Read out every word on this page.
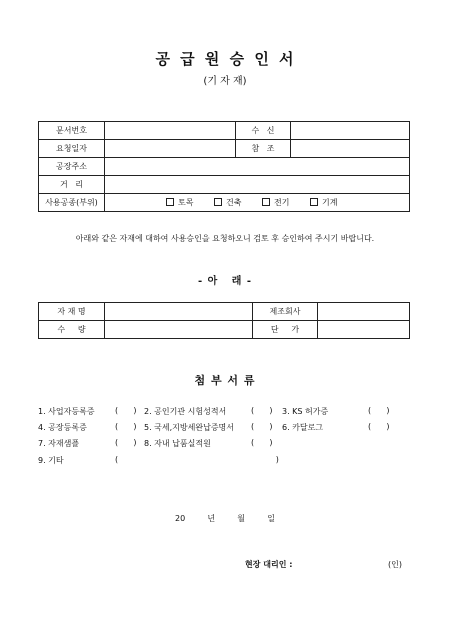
공 급 원 승 인 서
(기 자 재)
문서번호		수   신	
요청일자		참   조	
공장주소			
거   리			
사용공종(부위)	토목 건축 전기 기계		
아래와 같은 자재에 대하여 사용승인을 요청하오니 검토 후 승인하여 주시기 바랍니다.
- 아   래 -
자 재 명		제조회사	
수     량		단     가	
첨 부 서 류
1. 사업자등록증	(      ) 2. 공인기관 시험성적서	(      ) 3. KS 허가증	(      )
4. 공장등록증	(      ) 5. 국세,지방세완납증명서 (      ) 6. 카달로그	(      )
7. 자재샘플	(      ) 8. 자내 납품실적원	(      )
9. 기타	(                                                              )
20    년    월    일
현장 대리인 :	(인)
